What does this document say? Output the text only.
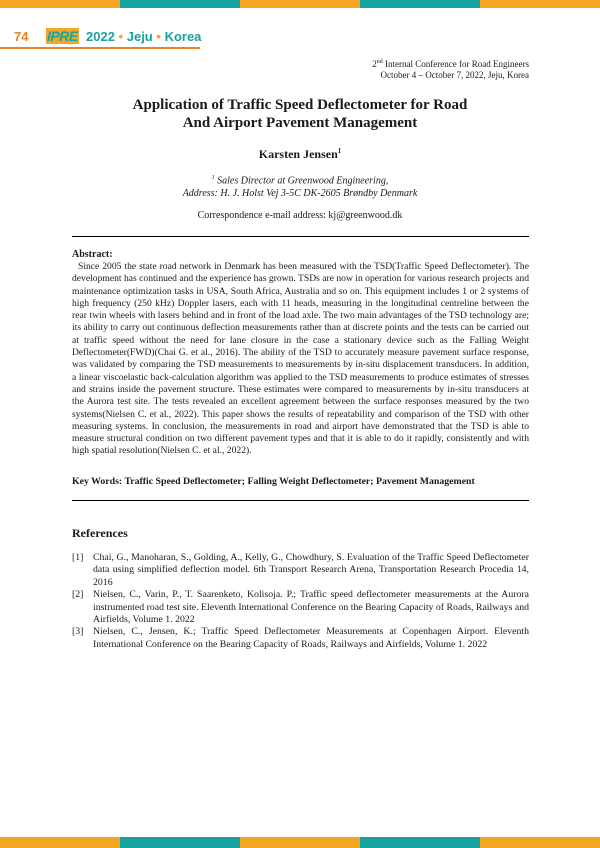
74 IPRE 2022 • Jeju • Korea
2nd Internal Conference for Road Engineers
October 4 – October 7, 2022, Jeju, Korea
Application of Traffic Speed Deflectometer for Road
And Airport Pavement Management
Karsten Jensen$^1$
$^1$ Sales Director at Greenwood Engineering,
Address: H. J. Holst Vej 3-5C DK-2605 Brøndby Denmark
Correspondence e-mail address: kj@greenwood.dk
Abstract:
Since 2005 the state road network in Denmark has been measured with the TSD(Traffic Speed Deflectometer). The development has continued and the experience has grown. TSDs are now in operation for various research projects and maintenance optimization tasks in USA, South Africa, Australia and so on. This equipment includes 1 or 2 systems of high frequency (250 kHz) Doppler lasers, each with 11 heads, measuring in the longitudinal centreline between the rear twin wheels with lasers behind and in front of the load axle. The two main advantages of the TSD technology are; its ability to carry out continuous deflection measurements rather than at discrete points and the tests can be carried out at traffic speed without the need for lane closure in the case a stationary device such as the Falling Weight Deflectometer(FWD)(Chai G. et al., 2016). The ability of the TSD to accurately measure pavement surface response, was validated by comparing the TSD measurements to measurements by in-situ displacement transducers. In addition, a linear viscoelastic back-calculation algorithm was applied to the TSD measurements to produce estimates of stresses and strains inside the pavement structure. These estimates were compared to measurements by in-situ transducers at the Aurora test site. The tests revealed an excellent agreement between the surface responses measured by the two systems(Nielsen C. et al., 2022). This paper shows the results of repeatability and comparison of the TSD with other measuring systems. In conclusion, the measurements in road and airport have demonstrated that the TSD is able to measure structural condition on two different pavement types and that it is able to do it rapidly, consistently and with high spatial resolution(Nielsen C. et al., 2022).
Key Words: Traffic Speed Deflectometer; Falling Weight Deflectometer; Pavement Management
References
[1] Chai, G., Manoharan, S., Golding, A., Kelly, G., Chowdhury, S. Evaluation of the Traffic Speed Deflectometer data using simplified deflection model. 6th Transport Research Arena, Transportation Research Procedia 14, 2016
[2] Nielsen, C., Varin, P., T. Saarenketo, Kolisoja. P.; Traffic speed deflectometer measurements at the Aurora instrumented road test site. Eleventh International Conference on the Bearing Capacity of Roads, Railways and Airfields, Volume 1. 2022
[3] Nielsen, C., Jensen, K.; Traffic Speed Deflectometer Measurements at Copenhagen Airport. Eleventh International Conference on the Bearing Capacity of Roads, Railways and Airfields, Volume 1. 2022
